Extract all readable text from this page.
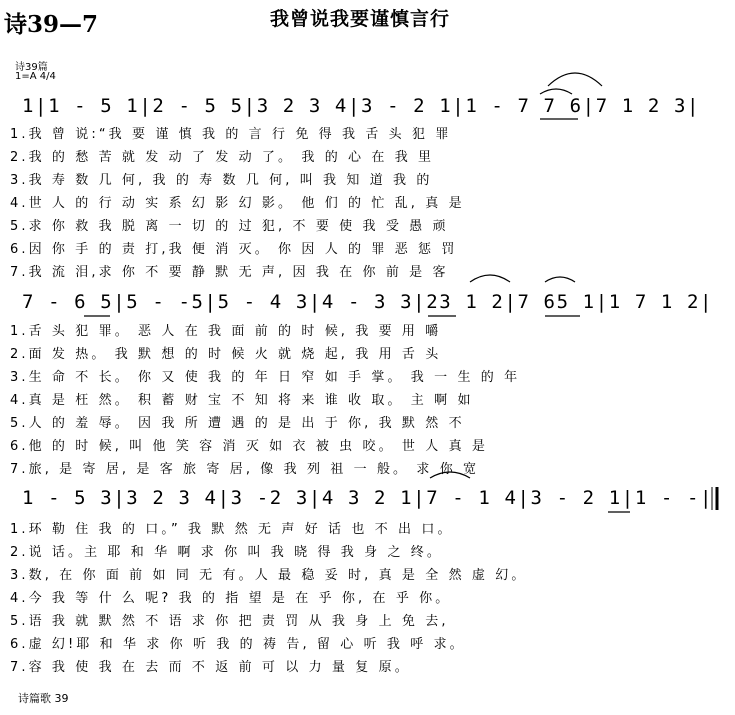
诗39—7	我曾说我要谨慎言行
诗39篇
1=A 4/4
1|1 - 5 1|2 - 5 5|3 2 3 4|3 - 2 1|1 - 7 7 6|7 1 2 3|
1.我 曾 说:“我 要 谨 慎 我 的 言 行 免 得 我 舌 头 犯 罪
2.我 的 愁 苦 就 发 动 了 发 动 了。 我 的 心 在 我 里
3.我 寿 数 几 何, 我 的 寿 数 几 何, 叫 我 知 道 我 的
4.世 人 的 行 动 实 系 幻 影 幻 影。 他 们 的 忙 乱, 真 是
5.求 你 救 我 脱 离 一 切 的 过 犯, 不 要 使 我 受 愚 顽
6.因 你 手 的 责 打,我 便 消 灭。 你 因 人 的 罪 恶 惩 罚
7.我 流 泪,求 你 不 要 静 默 无 声, 因 我 在 你 前 是 客
7 - 6 5|5 - -5|5 - 4 3|4 - 3 3|23 1 2|7 65 1|1 7 1 2|
1.舌 头 犯 罪。 恶 人 在 我 面 前 的 时 候, 我 要 用 嚼
2.面 发 热。 我 默 想 的 时 候 火 就 烧 起, 我 用 舌 头
3.生 命 不 长。 你 又 使 我 的 年 日 窄 如 手 掌。 我 一 生 的 年
4.真 是 枉 然。 积 蓄 财 宝 不 知 将 来 谁 收 取。 主 啊 如
5.人 的 羞 辱。 因 我 所 遭 遇 的 是 出 于 你, 我 默 然 不
6.他 的 时 候, 叫 他 笑 容 消 灭 如 衣 被 虫 咬。 世 人 真 是
7.旅, 是 寄 居, 是 客 旅 寄 居, 像 我 列 祖 一 般。 求 你 宽
1 - 5 3|3 2 3 4|3 -2 3|4 3 2 1|7 - 1 4|3 - 2 1|1 - -|
1.环 勒 住 我 的 口。” 我 默 然 无 声 好 话 也 不 出 口。
2.说 话。主 耶 和 华 啊 求 你 叫 我 晓 得 我 身 之 终。
3.数, 在 你 面 前 如 同 无 有。人 最 稳 妥 时, 真 是 全 然 虚 幻。
4.今 我 等 什 么 呢? 我 的 指 望 是 在 乎 你, 在 乎 你。
5.语 我 就 默 然 不 语 求 你 把 责 罚 从 我 身 上 免 去,
6.虚 幻!耶 和 华 求 你 听 我 的 祷 告, 留 心 听 我 呼 求。
7.容 我 使 我 在 去 而 不 返 前 可 以 力 量 复 原。
诗篇歌 39
